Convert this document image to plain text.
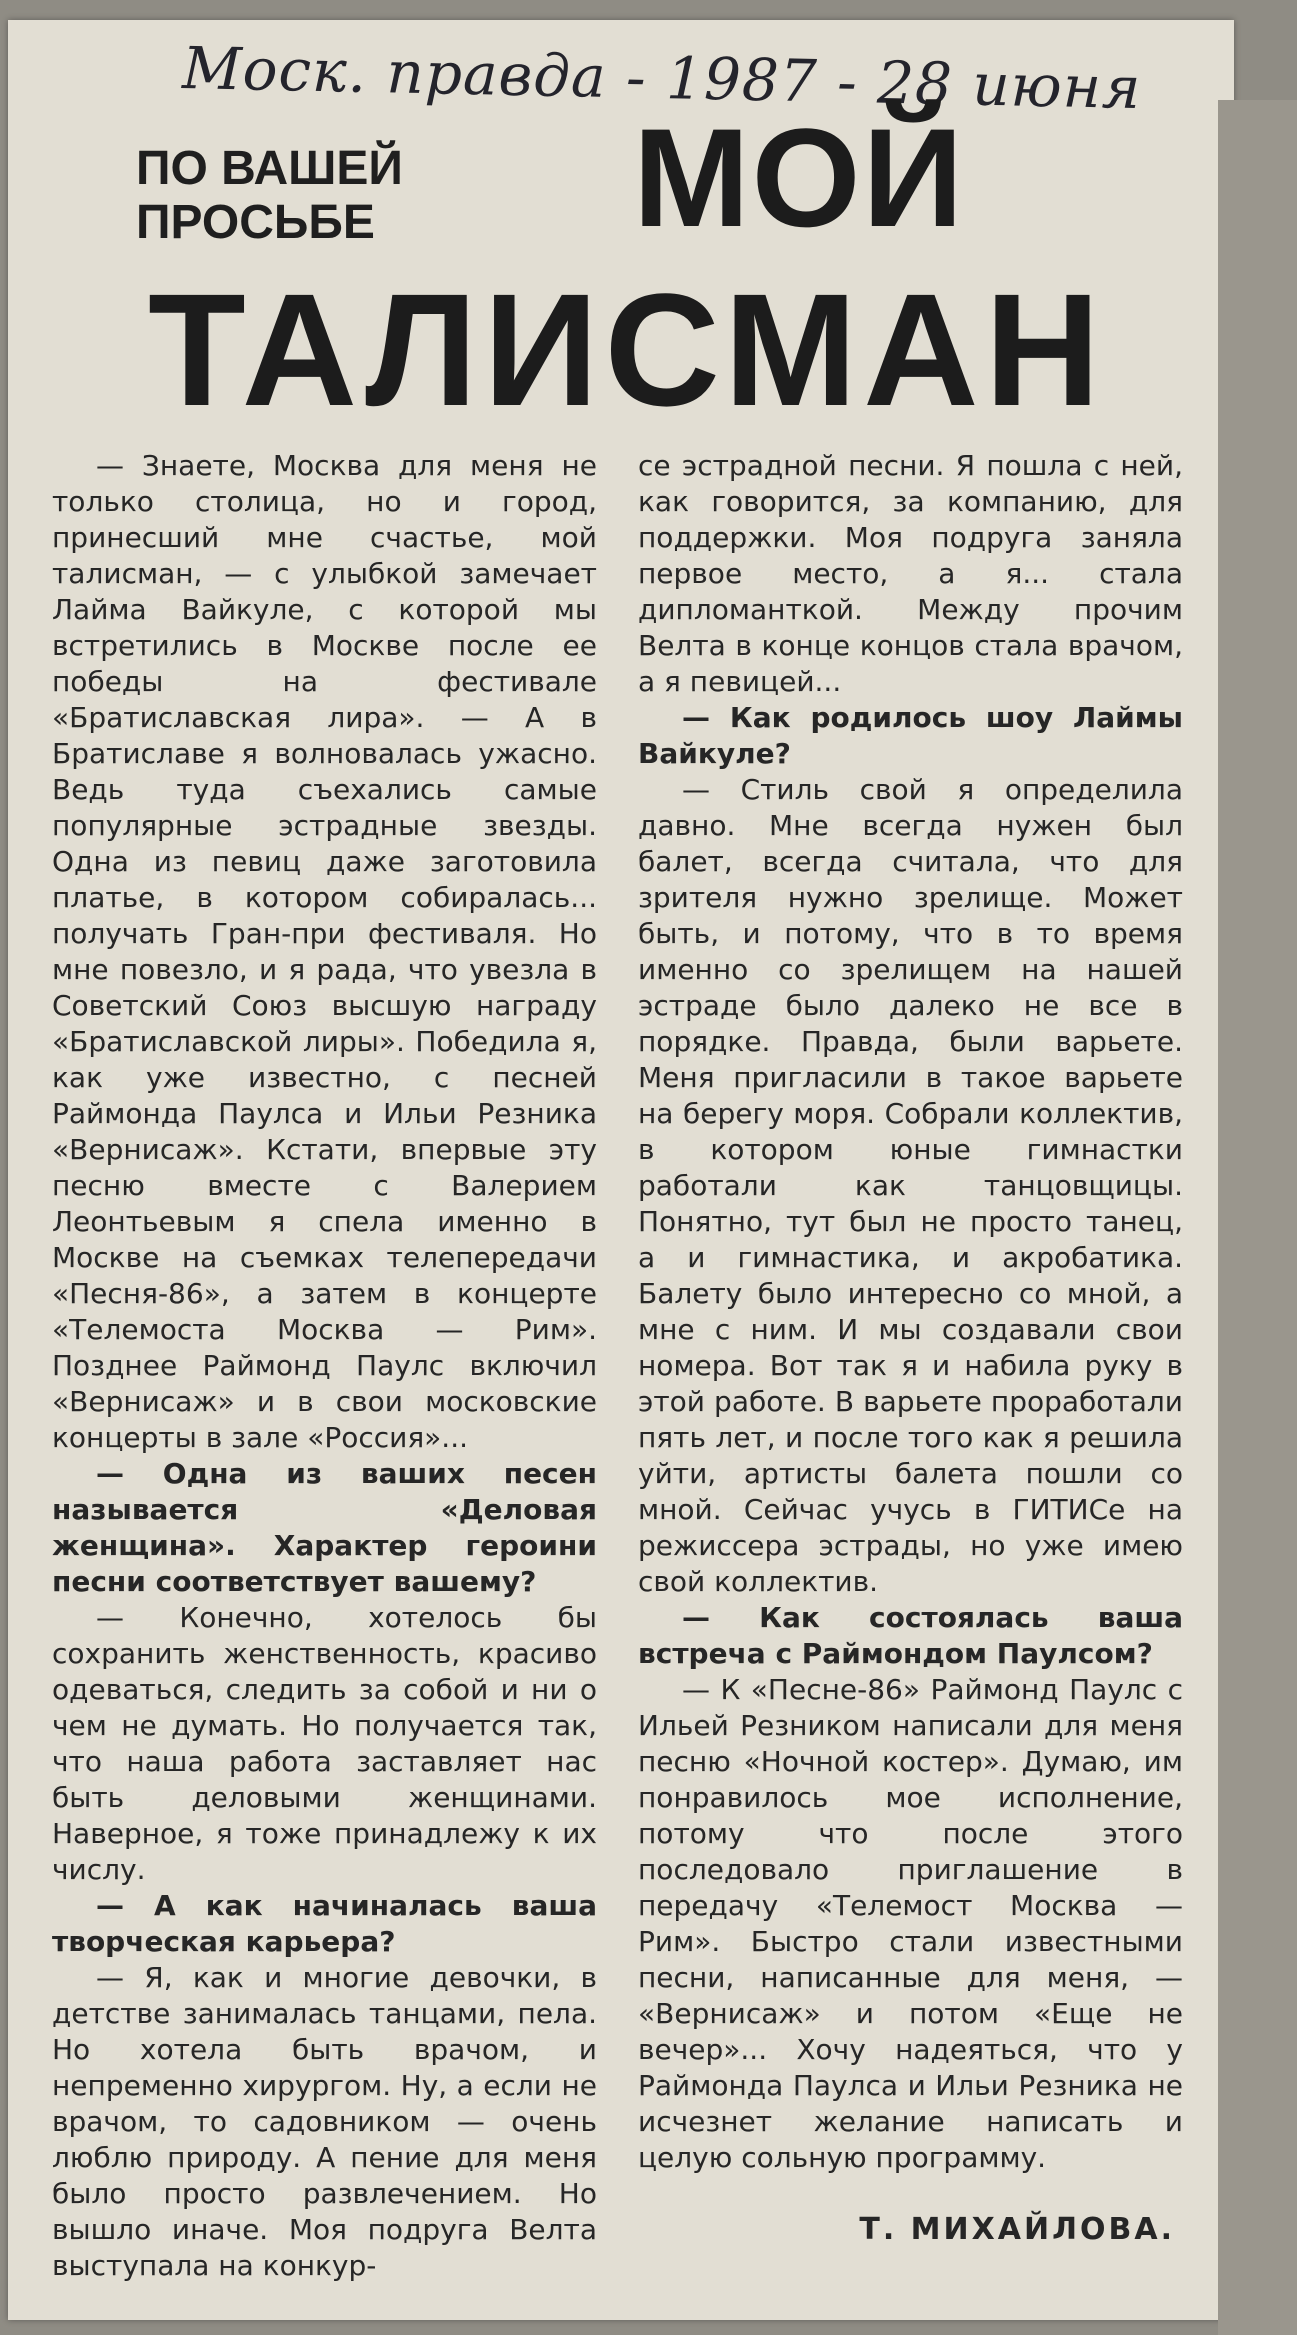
Моск. правда - 1987 - 28 июня
ПО ВАШЕЙ
ПРОСЬБЕ	МОЙ
ТАЛИСМАН

— Знаете, Москва для меня не только столица, но и город, принесший мне счастье, мой талисман, — с улыбкой замечает Лайма Вайкуле, с которой мы встретились в Москве после ее победы на фестивале «Братиславская лира». — А в Братиславе я волновалась ужасно. Ведь туда съехались самые популярные эстрадные звезды. Одна из певиц даже заготовила платье, в котором собиралась... получать Гран-при фестиваля. Но мне повезло, и я рада, что увезла в Советский Союз высшую награду «Братиславской лиры». Победила я, как уже известно, с песней Раймонда Паулса и Ильи Резника «Вернисаж». Кстати, впервые эту песню вместе с Валерием Леонтьевым я спела именно в Москве на съемках телепередачи «Песня-86», а затем в концерте «Телемоста Москва — Рим». Позднее Раймонд Паулс включил «Вернисаж» и в свои московские концерты в зале «Россия»...

— Одна из ваших песен называется «Деловая женщина». Характер героини песни соответствует вашему?

— Конечно, хотелось бы сохранить женственность, красиво одеваться, следить за собой и ни о чем не думать. Но получается так, что наша работа заставляет нас быть деловыми женщинами. Наверное, я тоже принадлежу к их числу.

— А как начиналась ваша творческая карьера?

— Я, как и многие девочки, в детстве занималась танцами, пела. Но хотела быть врачом, и непременно хирургом. Ну, а если не врачом, то садовником — очень люблю природу. А пение для меня было просто развлечением. Но вышло иначе. Моя подруга Велта выступала на конкур-

се эстрадной песни. Я пошла с ней, как говорится, за компанию, для поддержки. Моя подруга заняла первое место, а я... стала дипломанткой. Между прочим Велта в конце концов стала врачом, а я певицей...

— Как родилось шоу Лаймы Вайкуле?

— Стиль свой я определила давно. Мне всегда нужен был балет, всегда считала, что для зрителя нужно зрелище. Может быть, и потому, что в то время именно со зрелищем на нашей эстраде было далеко не все в порядке. Правда, были варьете. Меня пригласили в такое варьете на берегу моря. Собрали коллектив, в котором юные гимнастки работали как танцовщицы. Понятно, тут был не просто танец, а и гимнастика, и акробатика. Балету было интересно со мной, а мне с ним. И мы создавали свои номера. Вот так я и набила руку в этой работе. В варьете проработали пять лет, и после того как я решила уйти, артисты балета пошли со мной. Сейчас учусь в ГИТИСе на режиссера эстрады, но уже имею свой коллектив.

— Как состоялась ваша встреча с Раймондом Паулсом?

— К «Песне-86» Раймонд Паулс с Ильей Резником написали для меня песню «Ночной костер». Думаю, им понравилось мое исполнение, потому что после этого последовало приглашение в передачу «Телемост Москва — Рим». Быстро стали известными песни, написанные для меня, — «Вернисаж» и потом «Еще не вечер»... Хочу надеяться, что у Раймонда Паулса и Ильи Резника не исчезнет желание написать и целую сольную программу.

Т. МИХАЙЛОВА.
